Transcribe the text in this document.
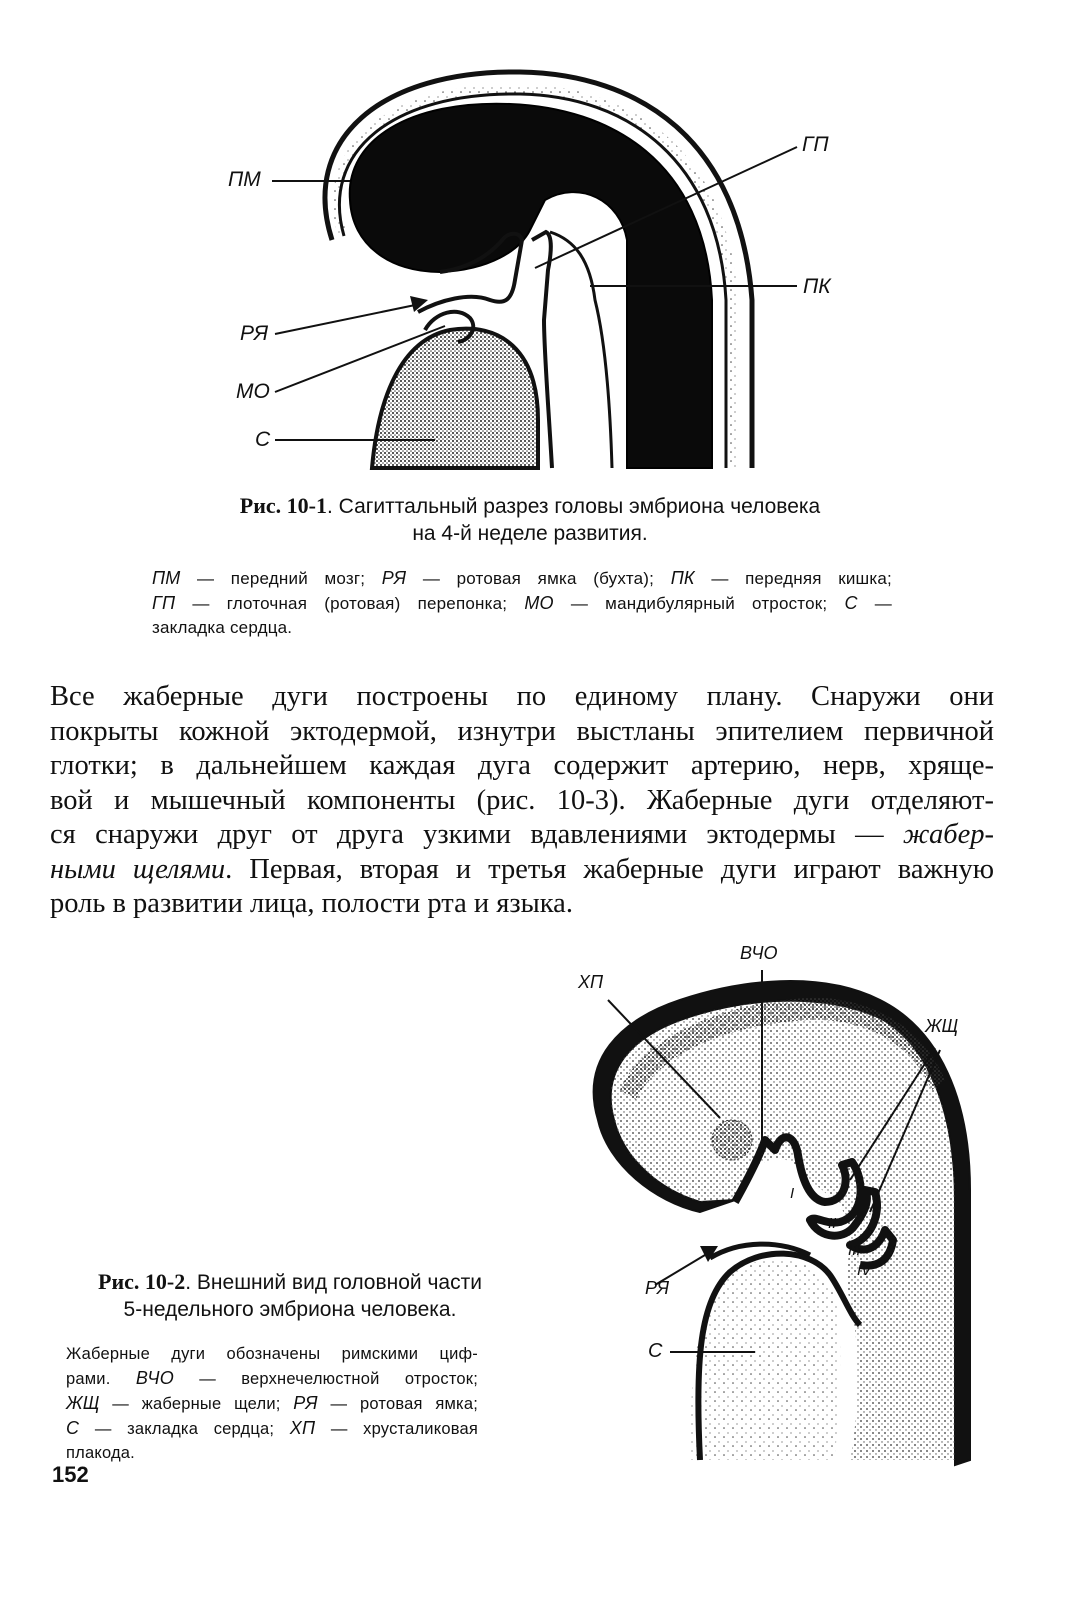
ПМ
ГП
ПК
РЯ
МО
С
Рис. 10-1. Сагиттальный разрез головы эмбриона человека
на 4-й неделе развития.
ПМ — передний мозг; РЯ — ротовая ямка (бухта); ПК — передняя кишка;
ГП — глоточная (ротовая) перепонка; МО — мандибулярный отросток; С —
закладка сердца.
Все жаберные дуги построены по единому плану. Снаружи они
покрыты кожной эктодермой, изнутри выстланы эпителием первичной
глотки; в дальнейшем каждая дуга содержит артерию, нерв, хряще-
вой и мышечный компоненты (рис. 10-3). Жаберные дуги отделяют-
ся снаружи друг от друга узкими вдавлениями эктодермы — жабер-
ными щелями. Первая, вторая и третья жаберные дуги играют важную
роль в развитии лица, полости рта и языка.
ВЧО
ХП
ЖЩ
I
II
III
IV
РЯ
С
Рис. 10-2. Внешний вид головной части
5-недельного эмбриона человека.
Жаберные дуги обозначены римскими циф-
рами. ВЧО — верхнечелюстной отросток;
ЖЩ — жаберные щели; РЯ — ротовая ямка;
С — закладка сердца; ХП — хрусталиковая
плакода.
152
